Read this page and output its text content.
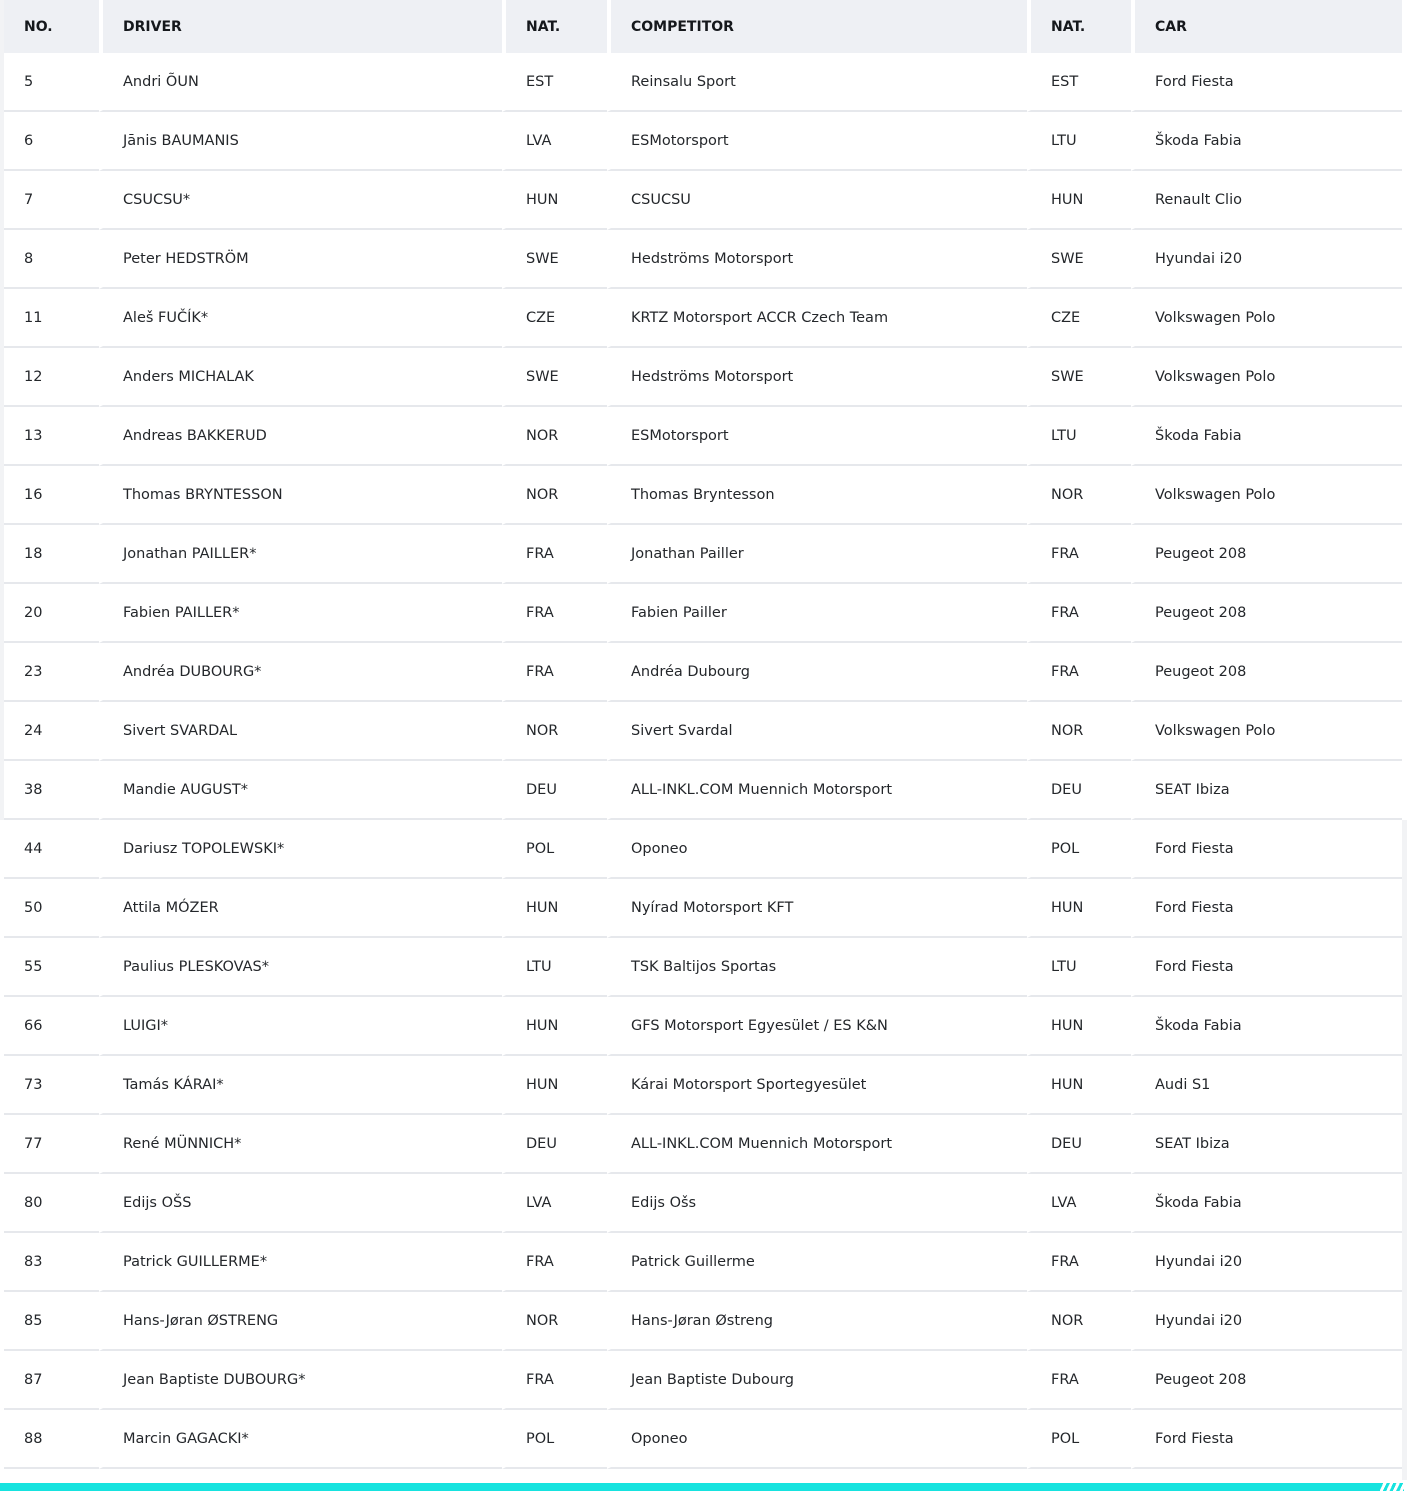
NO.	DRIVER	NAT.	COMPETITOR	NAT.	CAR
5	Andri ÕUN	EST	Reinsalu Sport	EST	Ford Fiesta
6	Jānis BAUMANIS	LVA	ESMotorsport	LTU	Škoda Fabia
7	CSUCSU*	HUN	CSUCSU	HUN	Renault Clio
8	Peter HEDSTRÖM	SWE	Hedströms Motorsport	SWE	Hyundai i20
11	Aleš FUČÍK*	CZE	KRTZ Motorsport ACCR Czech Team	CZE	Volkswagen Polo
12	Anders MICHALAK	SWE	Hedströms Motorsport	SWE	Volkswagen Polo
13	Andreas BAKKERUD	NOR	ESMotorsport	LTU	Škoda Fabia
16	Thomas BRYNTESSON	NOR	Thomas Bryntesson	NOR	Volkswagen Polo
18	Jonathan PAILLER*	FRA	Jonathan Pailler	FRA	Peugeot 208
20	Fabien PAILLER*	FRA	Fabien Pailler	FRA	Peugeot 208
23	Andréa DUBOURG*	FRA	Andréa Dubourg	FRA	Peugeot 208
24	Sivert SVARDAL	NOR	Sivert Svardal	NOR	Volkswagen Polo
38	Mandie AUGUST*	DEU	ALL-INKL.COM Muennich Motorsport	DEU	SEAT Ibiza
44	Dariusz TOPOLEWSKI*	POL	Oponeo	POL	Ford Fiesta
50	Attila MÓZER	HUN	Nyírad Motorsport KFT	HUN	Ford Fiesta
55	Paulius PLESKOVAS*	LTU	TSK Baltijos Sportas	LTU	Ford Fiesta
66	LUIGI*	HUN	GFS Motorsport Egyesület / ES K&N	HUN	Škoda Fabia
73	Tamás KÁRAI*	HUN	Kárai Motorsport Sportegyesület	HUN	Audi S1
77	René MÜNNICH*	DEU	ALL-INKL.COM Muennich Motorsport	DEU	SEAT Ibiza
80	Edijs OŠS	LVA	Edijs Ošs	LVA	Škoda Fabia
83	Patrick GUILLERME*	FRA	Patrick Guillerme	FRA	Hyundai i20
85	Hans-Jøran ØSTRENG	NOR	Hans-Jøran Østreng	NOR	Hyundai i20
87	Jean Baptiste DUBOURG*	FRA	Jean Baptiste Dubourg	FRA	Peugeot 208
88	Marcin GAGACKI*	POL	Oponeo	POL	Ford Fiesta
